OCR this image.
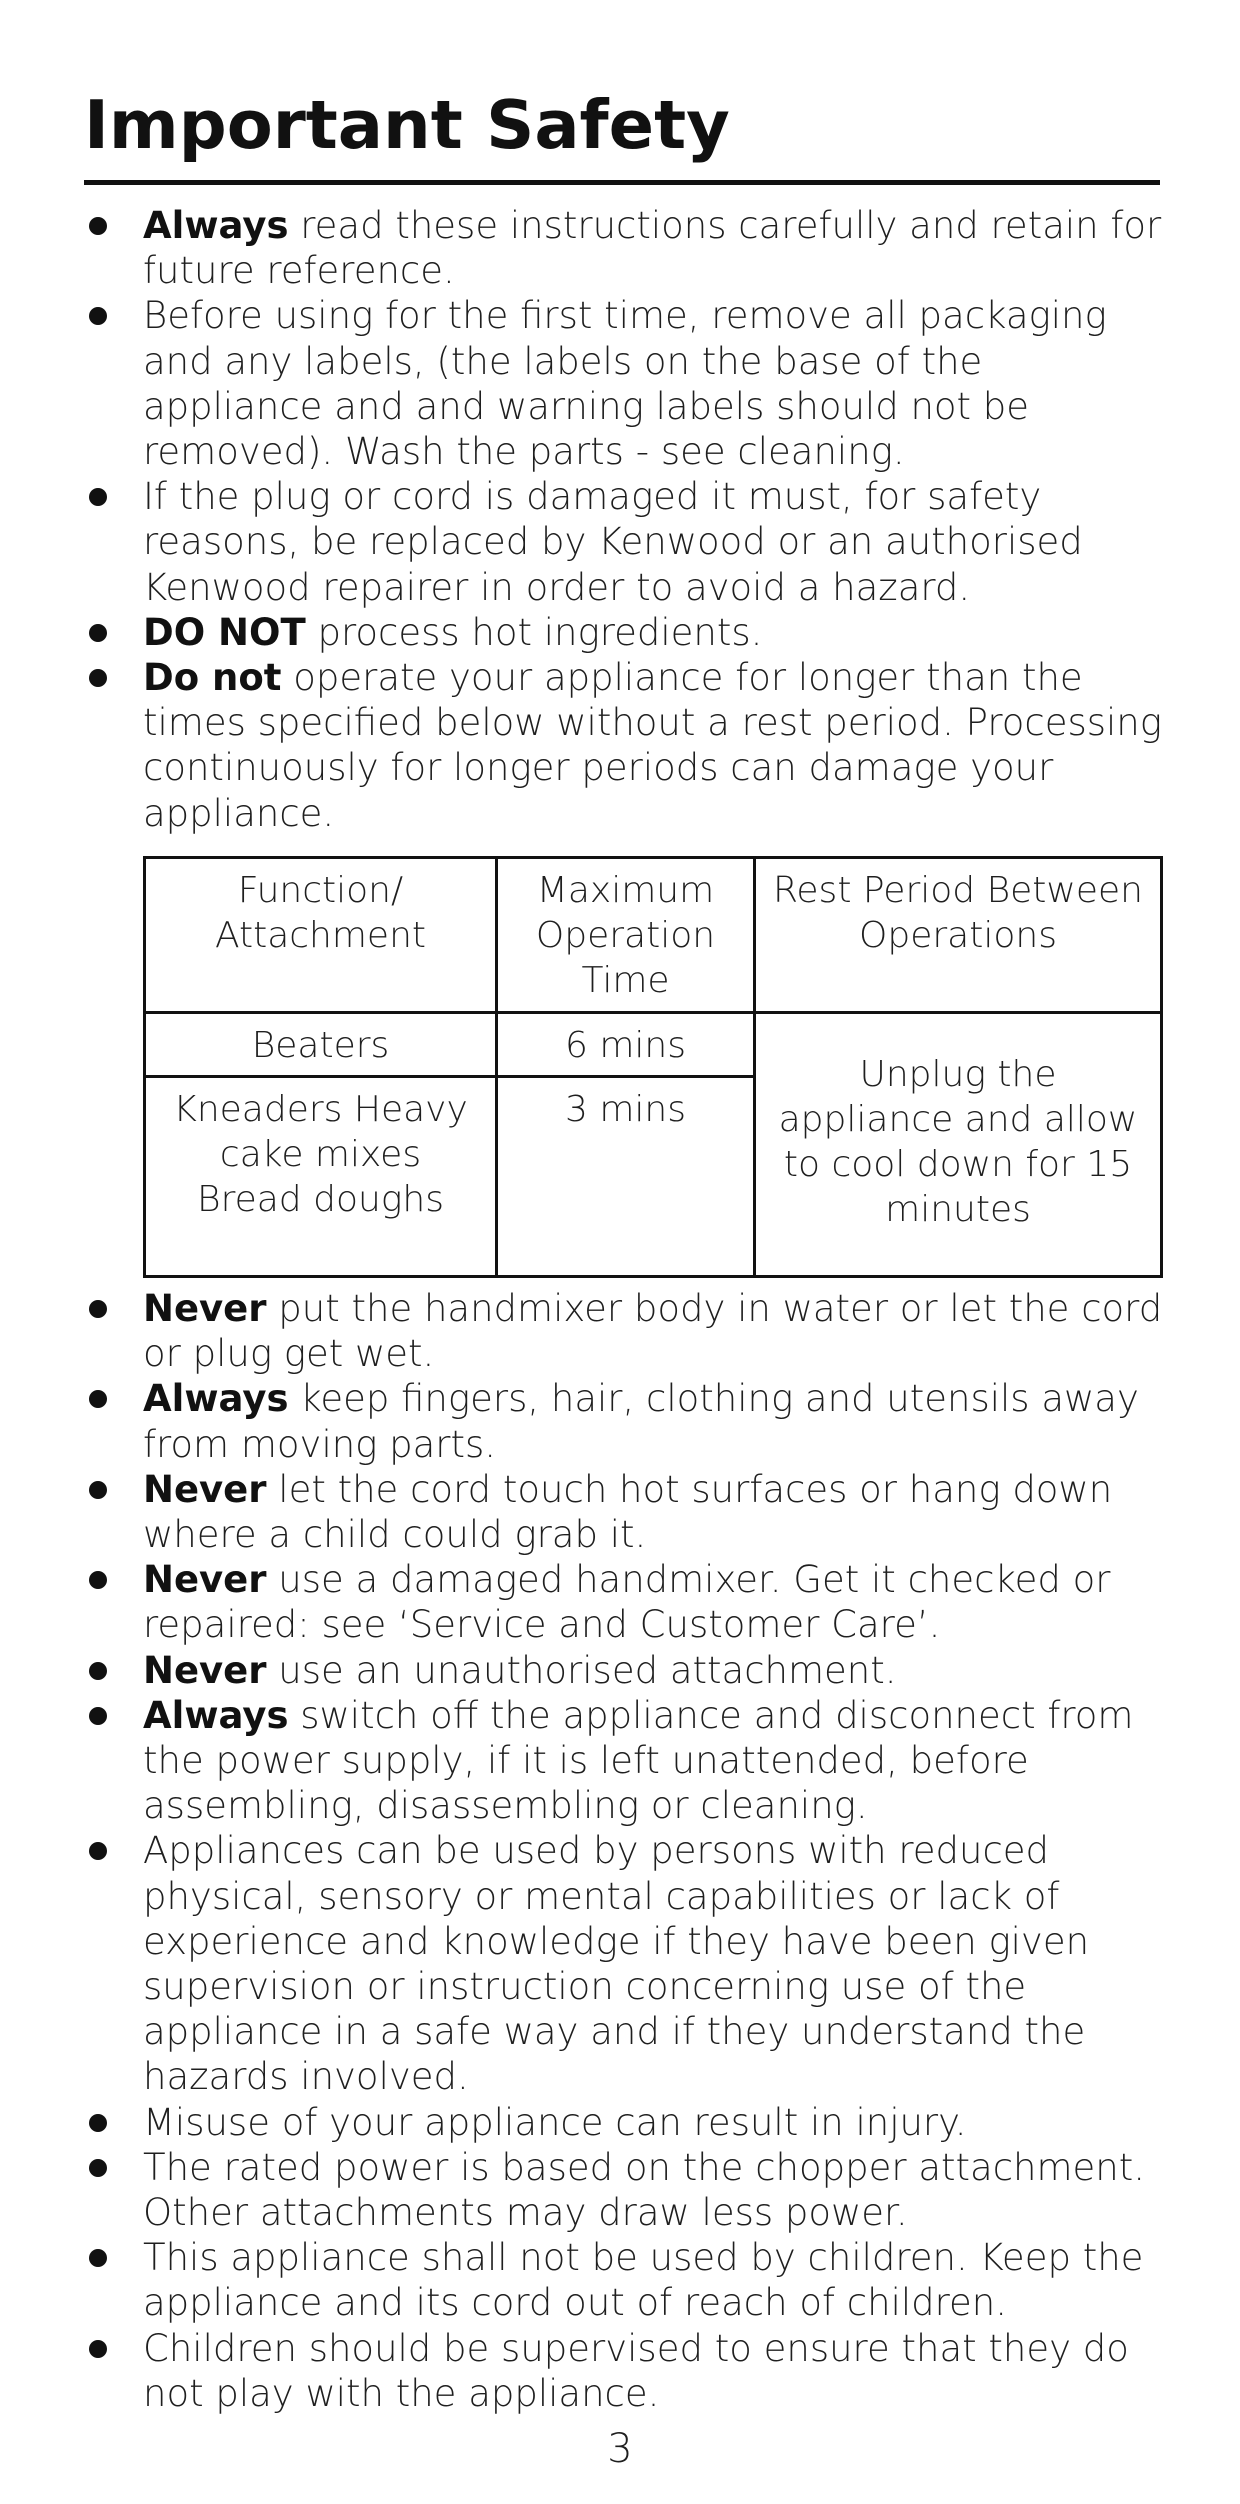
Important Safety
Always read these instructions carefully and retain for future reference.
Before using for the first time, remove all packaging and any labels, (the labels on the base of the appliance and and warning labels should not be removed). Wash the parts - see cleaning.
If the plug or cord is damaged it must, for safety reasons, be replaced by Kenwood or an authorised Kenwood repairer in order to avoid a hazard.
DO NOT process hot ingredients.
Do not operate your appliance for longer than the times specified below without a rest period. Processing continuously for longer periods can damage your appliance.
Function/ Attachment	Maximum Operation Time	Rest Period Between Operations
Beaters	6 mins	Unplug the appliance and allow to cool down for 15 minutes
Kneaders Heavy cake mixes Bread doughs	3 mins	
Never put the handmixer body in water or let the cord or plug get wet.
Always keep fingers, hair, clothing and utensils away from moving parts.
Never let the cord touch hot surfaces or hang down where a child could grab it.
Never use a damaged handmixer. Get it checked or repaired: see ‘Service and Customer Care’.
Never use an unauthorised attachment.
Always switch off the appliance and disconnect from the power supply, if it is left unattended, before assembling, disassembling or cleaning.
Appliances can be used by persons with reduced physical, sensory or mental capabilities or lack of experience and knowledge if they have been given supervision or instruction concerning use of the appliance in a safe way and if they understand the hazards involved.
Misuse of your appliance can result in injury.
The rated power is based on the chopper attachment. Other attachments may draw less power.
This appliance shall not be used by children. Keep the appliance and its cord out of reach of children.
Children should be supervised to ensure that they do not play with the appliance.
3
